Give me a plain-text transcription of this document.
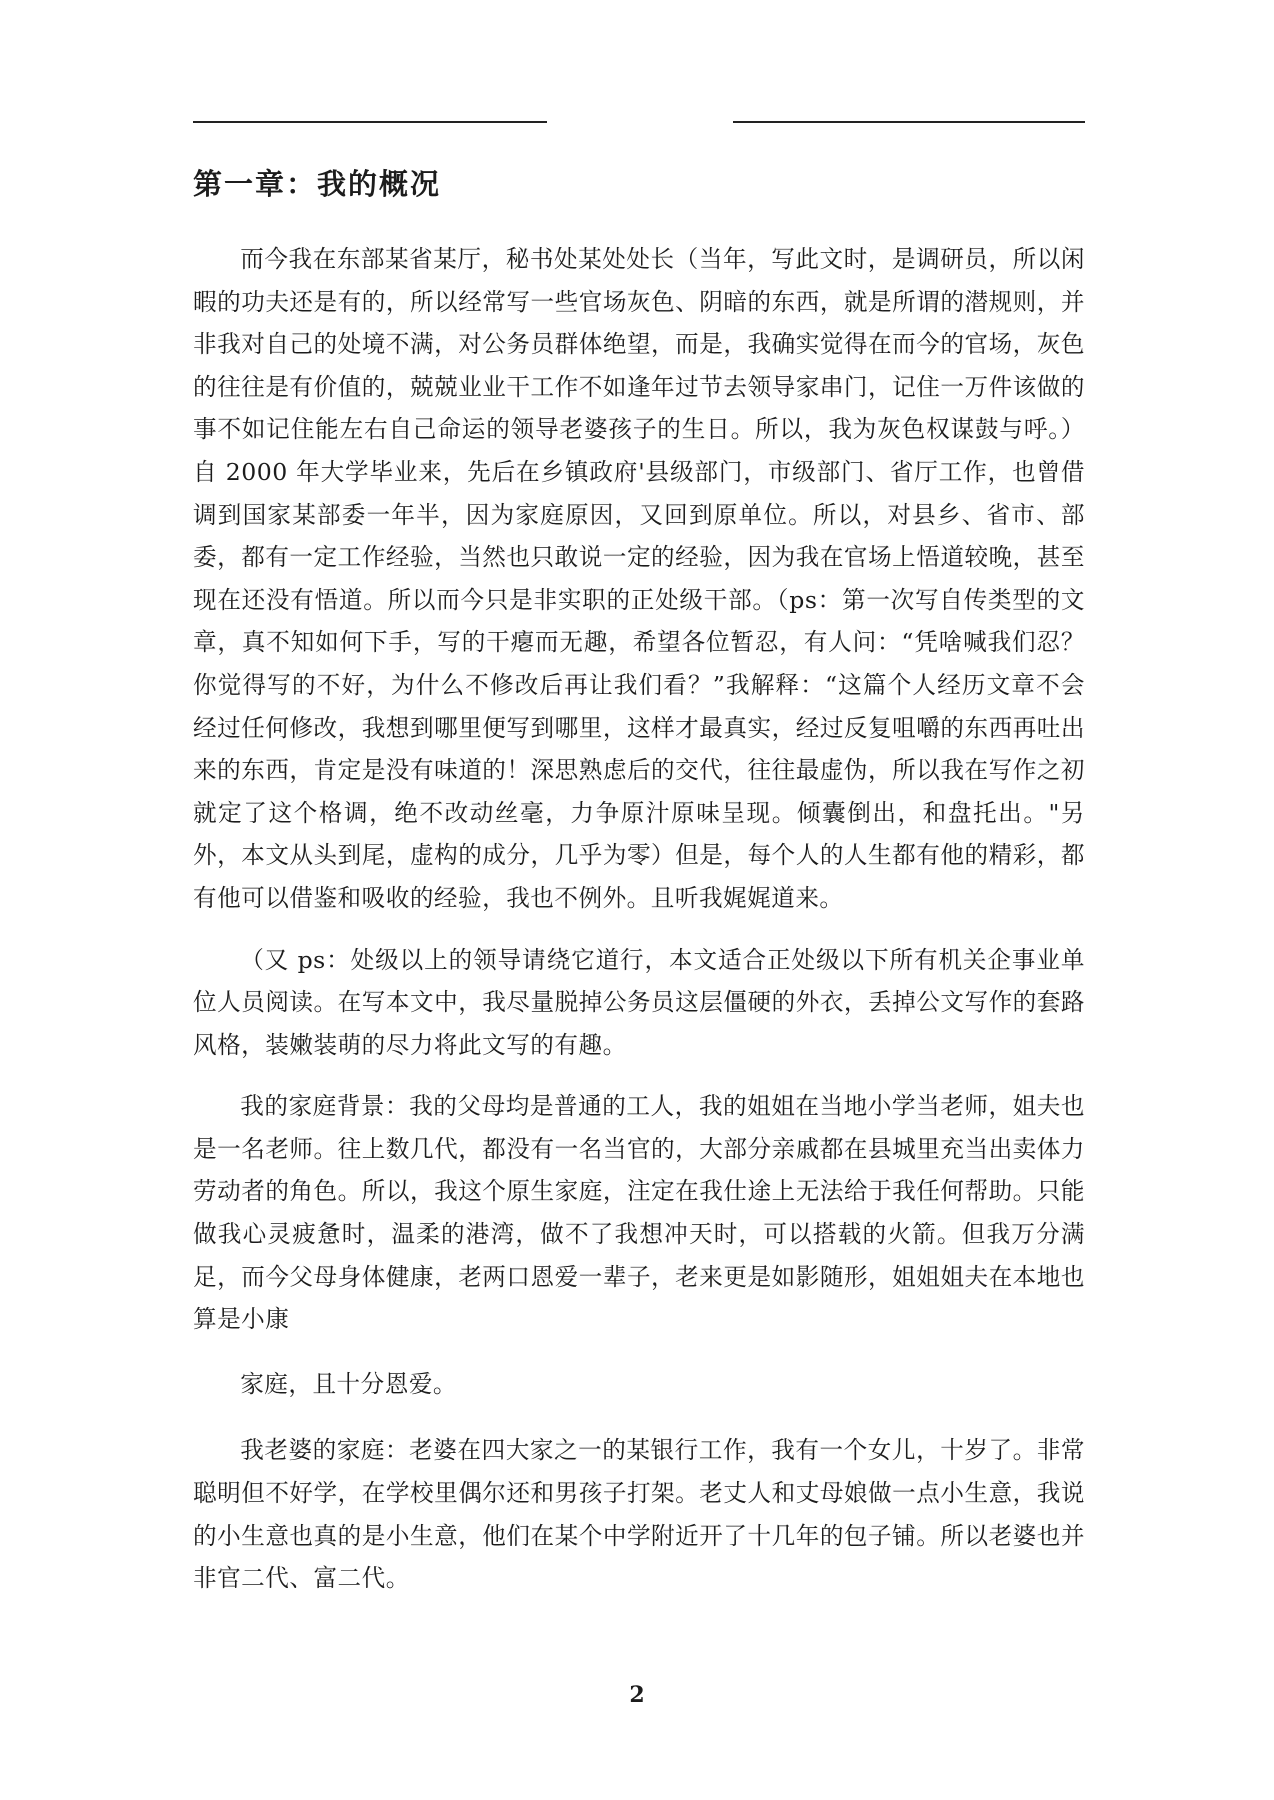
第一章：我的概况

而今我在东部某省某厅，秘书处某处处长（当年，写此文时，是调研员，所以闲暇的功夫还是有的，所以经常写一些官场灰色、阴暗的东西，就是所谓的潜规则，并非我对自己的处境不满，对公务员群体绝望，而是，我确实觉得在而今的官场，灰色的往往是有价值的，兢兢业业干工作不如逢年过节去领导家串门，记住一万件该做的事不如记住能左右自己命运的领导老婆孩子的生日。所以，我为灰色权谋鼓与呼。）自 2000 年大学毕业来，先后在乡镇政府'县级部门，市级部门、省厅工作，也曾借调到国家某部委一年半，因为家庭原因，又回到原单位。所以，对县乡、省市、部委，都有一定工作经验，当然也只敢说一定的经验，因为我在官场上悟道较晚，甚至现在还没有悟道。所以而今只是非实职的正处级干部。（ps：第一次写自传类型的文章，真不知如何下手，写的干瘪而无趣，希望各位暂忍，有人问：“凭啥喊我们忍？你觉得写的不好，为什么不修改后再让我们看？”我解释：“这篇个人经历文章不会经过任何修改，我想到哪里便写到哪里，这样才最真实，经过反复咀嚼的东西再吐出来的东西，肯定是没有味道的！深思熟虑后的交代，往往最虚伪，所以我在写作之初就定了这个格调，绝不改动丝毫，力争原汁原味呈现。倾囊倒出，和盘托出。"另外，本文从头到尾，虚构的成分，几乎为零）但是，每个人的人生都有他的精彩，都有他可以借鉴和吸收的经验，我也不例外。且听我娓娓道来。

（又 ps：处级以上的领导请绕它道行，本文适合正处级以下所有机关企事业单位人员阅读。在写本文中，我尽量脱掉公务员这层僵硬的外衣，丢掉公文写作的套路风格，装嫩装萌的尽力将此文写的有趣。

我的家庭背景：我的父母均是普通的工人，我的姐姐在当地小学当老师，姐夫也是一名老师。往上数几代，都没有一名当官的，大部分亲戚都在县城里充当出卖体力劳动者的角色。所以，我这个原生家庭，注定在我仕途上无法给于我任何帮助。只能做我心灵疲惫时，温柔的港湾，做不了我想冲天时，可以搭载的火箭。但我万分满足，而今父母身体健康，老两口恩爱一辈子，老来更是如影随形，姐姐姐夫在本地也算是小康

家庭，且十分恩爱。

我老婆的家庭：老婆在四大家之一的某银行工作，我有一个女儿，十岁了。非常聪明但不好学，在学校里偶尔还和男孩子打架。老丈人和丈母娘做一点小生意，我说的小生意也真的是小生意，他们在某个中学附近开了十几年的包子铺。所以老婆也并非官二代、富二代。

2
